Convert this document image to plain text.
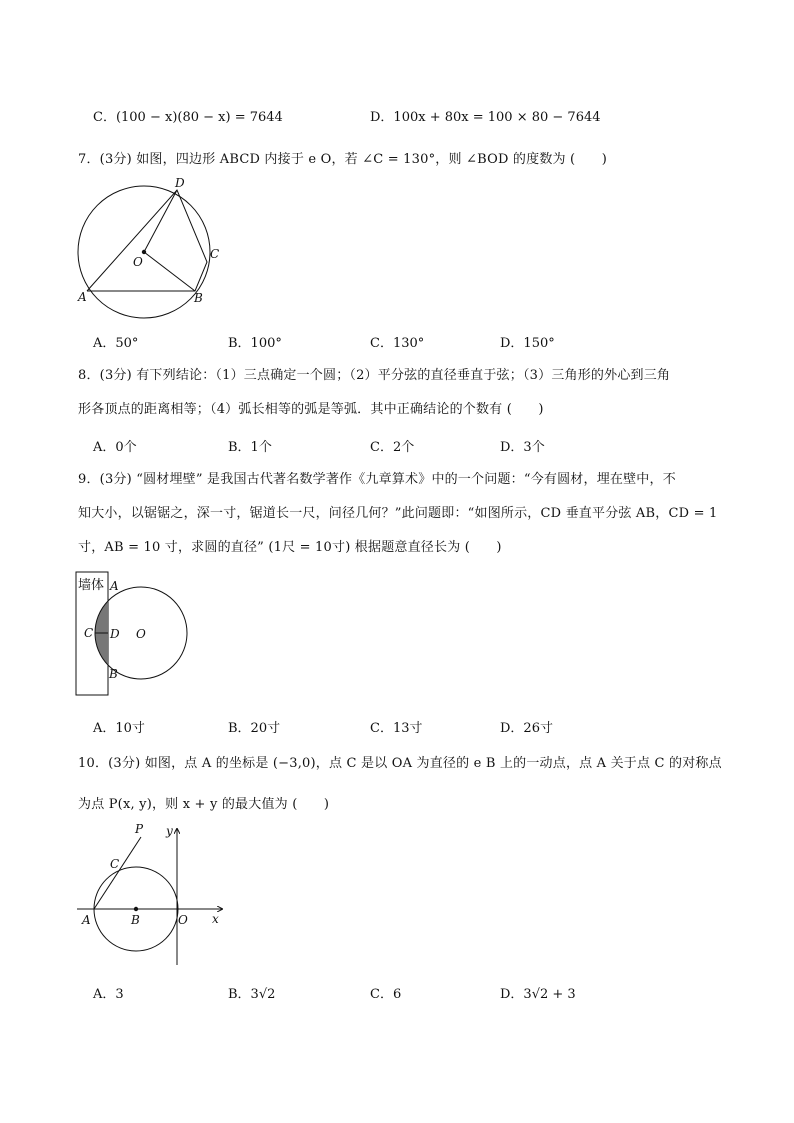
C．(100 − x)(80 − x) = 7644	D．100x + 80x = 100 × 80 − 7644
7．(3分) 如图，四边形 ABCD 内接于 e O，若 ∠C = 130°，则 ∠BOD 的度数为 (　　)
D
C
O
A	B
A．50°	B．100°	C．130°	D．150°
8．(3分) 有下列结论：（1）三点确定一个圆；（2）平分弦的直径垂直于弦；（3）三角形的外心到三角
形各顶点的距离相等；（4）弧长相等的弧是等弧．其中正确结论的个数有 (　　)
A．0个	B．1个	C．2个	D．3个
9．(3分) “圆材埋壁” 是我国古代著名数学著作《九章算术》中的一个问题：“今有圆材，埋在壁中，不
知大小，以锯锯之，深一寸，锯道长一尺，问径几何？”此问题即：“如图所示，CD 垂直平分弦 AB，CD = 1
寸，AB = 10 寸，求圆的直径” (1尺 = 10寸) 根据题意直径长为 (　　)
墙体 A
C D O
B
A．10寸	B．20寸	C．13寸	D．26寸
10．(3分) 如图，点 A 的坐标是 (−3,0)，点 C 是以 OA 为直径的 e B 上的一动点，点 A 关于点 C 的对称点
为点 P(x, y)，则 x + y 的最大值为 (　　)
P y
C
A	B	O x
A．3	B．3√2	C．6	D．3√2 + 3
